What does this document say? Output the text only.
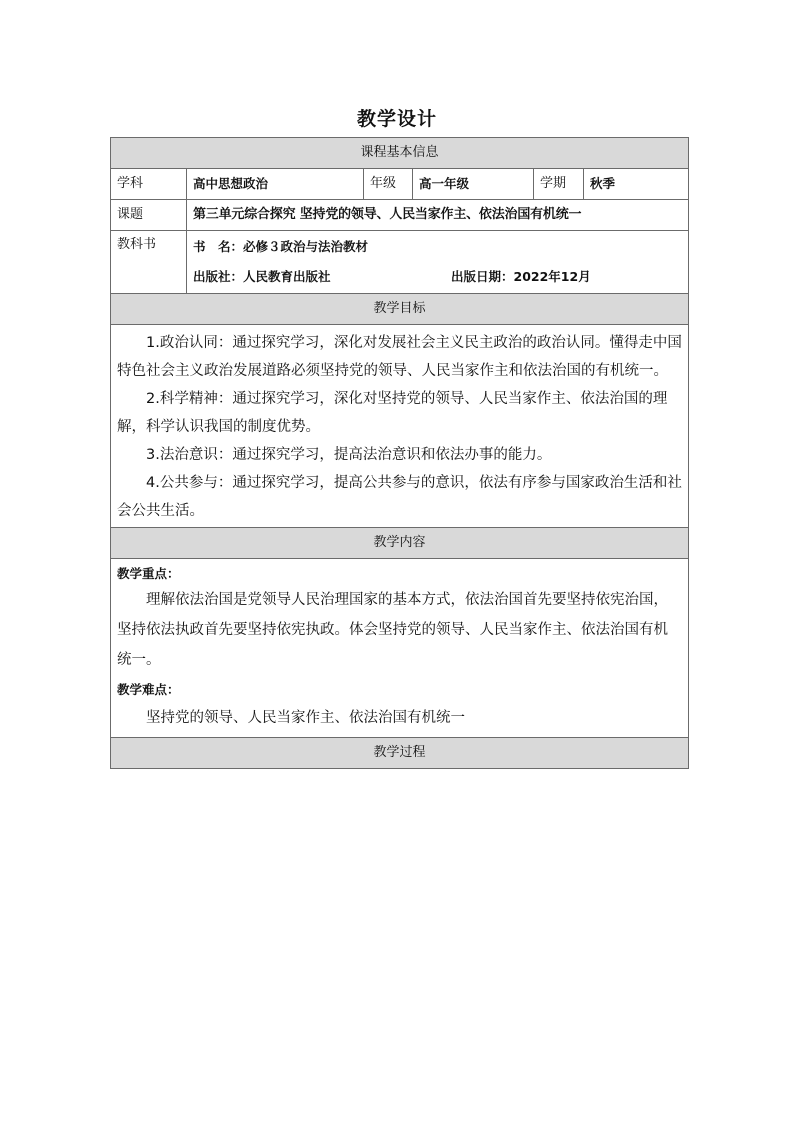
教学设计
课程基本信息					
学科	高中思想政治	年级	高一年级	学期	秋季
课题	第三单元综合探究 坚持党的领导、人民当家作主、依法治国有机统一				
教科书	书　名：必修３政治与法治教材
出版社：人民教育出版社 出版日期：2022年12月				

教学目标					

1.政治认同：通过探究学习，深化对发展社会主义民主政治的政治认同。懂得走中国特色社会主义政治发展道路必须坚持党的领导、人民当家作主和依法治国的有机统一。

2.科学精神：通过探究学习，深化对坚持党的领导、人民当家作主、依法治国的理解，科学认识我国的制度优势。

3.法治意识：通过探究学习，提高法治意识和依法办事的能力。

4.公共参与：通过探究学习，提高公共参与的意识，依法有序参与国家政治生活和社会公共生活。					

教学内容					

教学重点：

理解依法治国是党领导人民治理国家的基本方式，依法治国首先要坚持依宪治国，坚持依法执政首先要坚持依宪执政。体会坚持党的领导、人民当家作主、依法治国有机统一。

教学难点：

坚持党的领导、人民当家作主、依法治国有机统一					

教学过程					
